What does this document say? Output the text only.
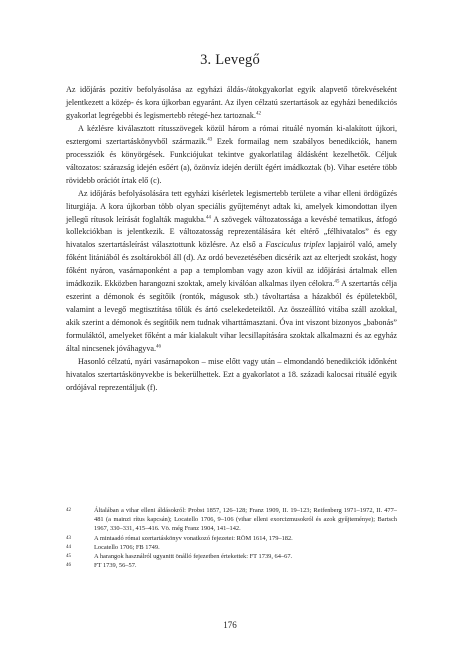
3. Levegő

Az időjárás pozitív befolyásolása az egyházi áldás-/átokgyakorlat egyik alapvető törekvéseként jelentkezett a közép- és kora újkorban egyaránt. Az ilyen célzatú szertartások az egyházi benedikciós gyakorlat legrégebbi és legismertebb rétegé-hez tartoznak.$^{42}$

A kézlésre kiválasztott rítusszövegek közül három a római rituálé nyomán ki-alakított újkori, esztergomi szertartáskönyvből származik.$^{43}$ Ezek formailag nem szabályos benedikciók, hanem processziók és könyörgések. Funkciójukat tekintve gyakorlatilag áldásként kezelhetők. Céljuk változatos: szárazság idején esőért (a), özönvíz idején derült égért imádkoztak (b). Vihar esetére több rövidebb orációt írtak elő (c).

Az időjárás befolyásolására tett egyházi kísérletek legismertebb területe a vihar elleni ördögűzés liturgiája. A kora újkorban több olyan speciális gyűjteményt adtak ki, amelyek kimondottan ilyen jellegű rítusok leírását foglalták magukba.$^{44}$ A szövegek változatossága a kevésbé tematikus, átfogó kollekciókban is jelentkezik. E változatosság reprezentálására két eltérő „félhivatalos” és egy hivatalos szertartásleírást választottunk közlésre. Az első a Fasciculus triplex lapjairól való, amely főként litániából és zsoltárokból áll (d). Az ordó bevezetésében dicsérik azt az elterjedt szokást, hogy főként nyáron, vasárnaponként a pap a templomban vagy azon kívül az időjárási ártalmak ellen imádkozik. Ekközben harangozni szoktak, amely kiválóan alkalmas ilyen célokra.$^{45}$ A szertartás célja eszerint a démonok és segítőik (rontók, mágusok stb.) távoltartása a házakból és épületekből, valamint a levegő megtisztítása tőlük és ártó cselekedeteiktől. Az összeállító vitába száll azokkal, akik szerint a démonok és segítőik nem tudnak viharttámasztani. Óva int viszont bizonyos „babonás” formuláktól, amelyeket főként a már kialakult vihar lecsillapítására szoktak alkalmazni és az egyház által nincsenek jóváhagyva.$^{46}$

Hasonló célzatú, nyári vasárnapokon – mise előtt vagy után – elmondandó benedikciók időnként hivatalos szertartáskönyvekbe is bekerülhettek. Ezt a gyakorlatot a 18. századi kalocsai rituálé egyik ordójával reprezentáljuk (f).

42	Általában a vihar elleni áldásokról: Probst 1857, 126–128; Franz 1909, II. 19–123; Reifenberg 1971–1972, II. 477–481 (a mainzi rítus kapcsán); Locatello 1706, 9–106 (vihar elleni exorcizmusokról és azok gyűjteménye); Bartsch 1967, 330–331, 415–416. Vö. még Franz 1904, 141–142.
43	A mintaadó római szertartáskönyv vonatkozó fejezetei: RÖM 1614, 179–182.
44	Locatello 1706; FB 1749.
45	A harangok használról ugyanitt önálló fejezetben értekettek: FT 1739, 64–67.
46	FT 1739, 56–57.
176
